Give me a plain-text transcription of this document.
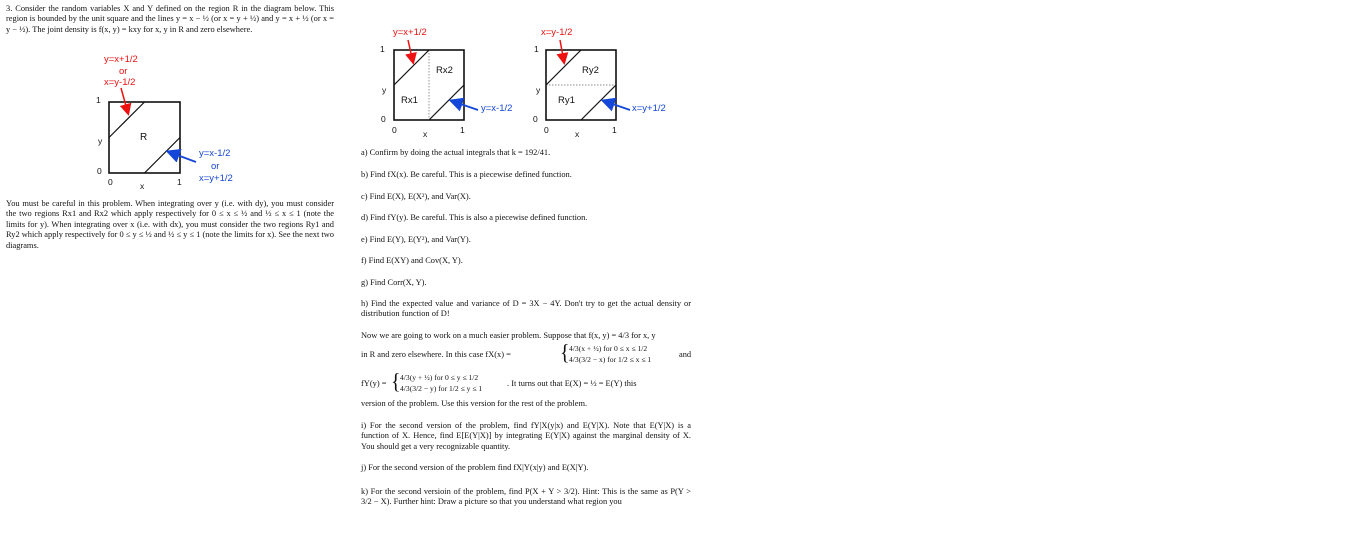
3. Consider the random variables X and Y defined on the region R in the diagram below. This region is bounded by the unit square and the lines y = x − ½ (or x = y + ½) and y = x + ½ (or x = y − ½). The joint density is f(x, y) = kxy for x, y in R and zero elsewhere.

y=x+1/2
or
x=y-1/2
1
y	R
0
0	x	1
y=x-1/2
or
x=y+1/2

You must be careful in this problem. When integrating over y (i.e. with dy), you must consider the two regions Rx1 and Rx2 which apply respectively for 0 ≤ x ≤ ½ and ½ ≤ x ≤ 1 (note the limits for y). When integrating over x (i.e. with dx), you must consider the two regions Ry1 and Ry2 which apply respectively for 0 ≤ y ≤ ½ and ½ ≤ y ≤ 1 (note the limits for x). See the next two diagrams.

y=x+1/2
1
Rx2
y
Rx1
y=x-1/2
0
0	x	1
x=y-1/2
1
Ry2
y
Ry1
x=y+1/2
0
0	x	1

a) Confirm by doing the actual integrals that k = 192/41.

b) Find fX(x). Be careful. This is a piecewise defined function.

c) Find E(X), E(X²), and Var(X).

d) Find fY(y). Be careful. This is also a piecewise defined function.

e) Find E(Y), E(Y²), and Var(Y).

f) Find E(XY) and Cov(X, Y).

g) Find Corr(X, Y).

h) Find the expected value and variance of D = 3X − 4Y. Don't try to get the actual density or distribution function of D!

Now we are going to work on a much easier problem. Suppose that f(x, y) = 4/3 for x, y

in R and zero elsewhere. In this case fX(x) = { 4/3(x + ½) for 0 ≤ x ≤ 1/2
4/3(3/2 − x) for 1/2 ≤ x ≤ 1
and
fY(y) = { 4/3(y + ½) for 0 ≤ y ≤ 1/2
4/3(3/2 − y) for 1/2 ≤ y ≤ 1
. It turns out that E(X) = ½ = E(Y) this

version of the problem. Use this version for the rest of the problem.

i) For the second version of the problem, find fY|X(y|x) and E(Y|X). Note that E(Y|X) is a function of X. Hence, find E[E(Y|X)] by integrating E(Y|X) against the marginal density of X. You should get a very recognizable quantity.

j) For the second version of the problem find fX|Y(x|y) and E(X|Y).

k) For the second versioin of the problem, find P(X + Y > 3/2). Hint: This is the same as P(Y > 3/2 − X). Further hint: Draw a picture so that you understand what region you
